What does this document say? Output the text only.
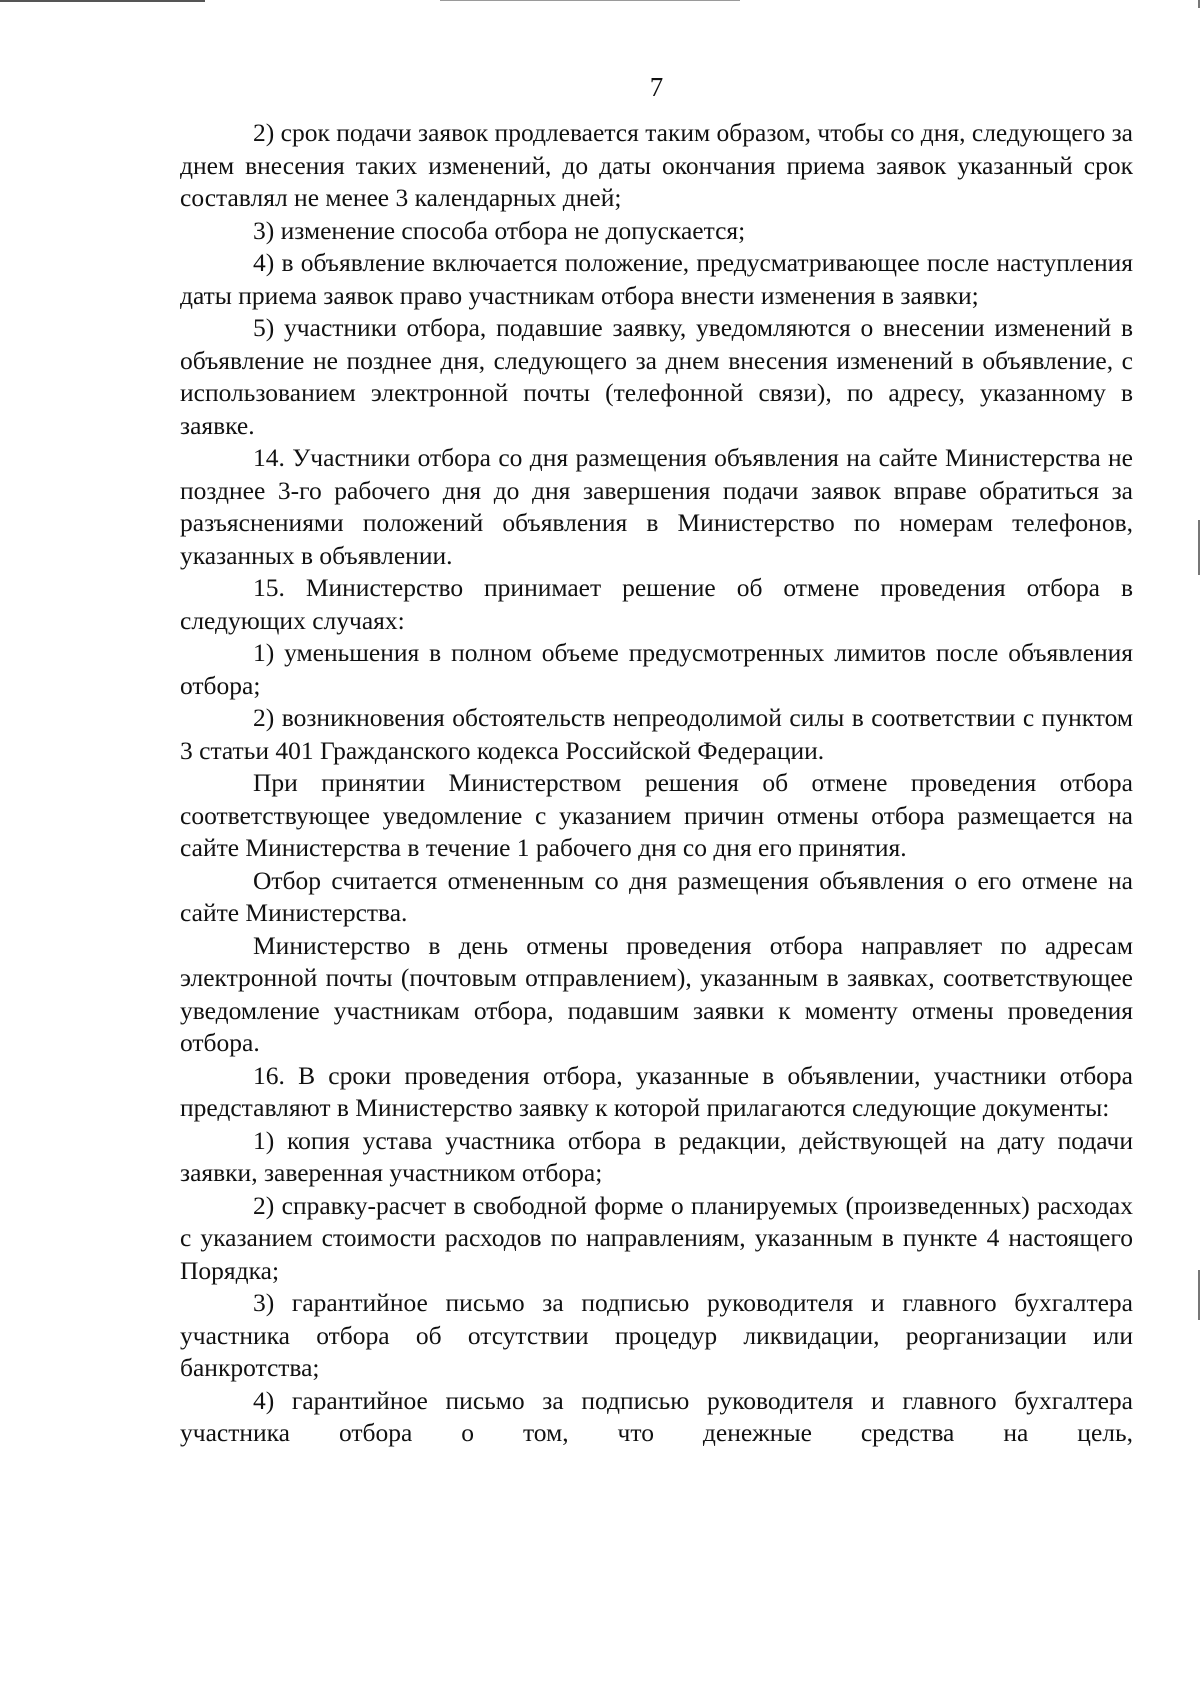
7

2) срок подачи заявок продлевается таким образом, чтобы со дня, следующего за днем внесения таких изменений, до даты окончания приема заявок указанный срок составлял не менее 3 календарных дней;

3) изменение способа отбора не допускается;

4) в объявление включается положение, предусматривающее после наступления даты приема заявок право участникам отбора внести изменения в заявки;

5) участники отбора, подавшие заявку, уведомляются о внесении изменений в объявление не позднее дня, следующего за днем внесения изменений в объявление, с использованием электронной почты (телефонной связи), по адресу, указанному в заявке.

14. Участники отбора со дня размещения объявления на сайте Министерства не позднее 3-го рабочего дня до дня завершения подачи заявок вправе обратиться за разъяснениями положений объявления в Министерство по номерам телефонов, указанных в объявлении.

15. Министерство принимает решение об отмене проведения отбора в следующих случаях:

1) уменьшения в полном объеме предусмотренных лимитов после объявления отбора;

2) возникновения обстоятельств непреодолимой силы в соответствии с пунктом 3 статьи 401 Гражданского кодекса Российской Федерации.

При принятии Министерством решения об отмене проведения отбора соответствующее уведомление с указанием причин отмены отбора размещается на сайте Министерства в течение 1 рабочего дня со дня его принятия.

Отбор считается отмененным со дня размещения объявления о его отмене на сайте Министерства.

Министерство в день отмены проведения отбора направляет по адресам электронной почты (почтовым отправлением), указанным в заявках, соответствующее уведомление участникам отбора, подавшим заявки к моменту отмены проведения отбора.

16. В сроки проведения отбора, указанные в объявлении, участники отбора представляют в Министерство заявку к которой прилагаются следующие документы:

1) копия устава участника отбора в редакции, действующей на дату подачи заявки, заверенная участником отбора;

2) справку-расчет в свободной форме о планируемых (произведенных) расходах с указанием стоимости расходов по направлениям, указанным в пункте 4 настоящего Порядка;

3) гарантийное письмо за подписью руководителя и главного бухгалтера участника отбора об отсутствии процедур ликвидации, реорганизации или банкротства;

4) гарантийное письмо за подписью руководителя и главного бухгалтера участника отбора о том, что денежные средства на цель,
